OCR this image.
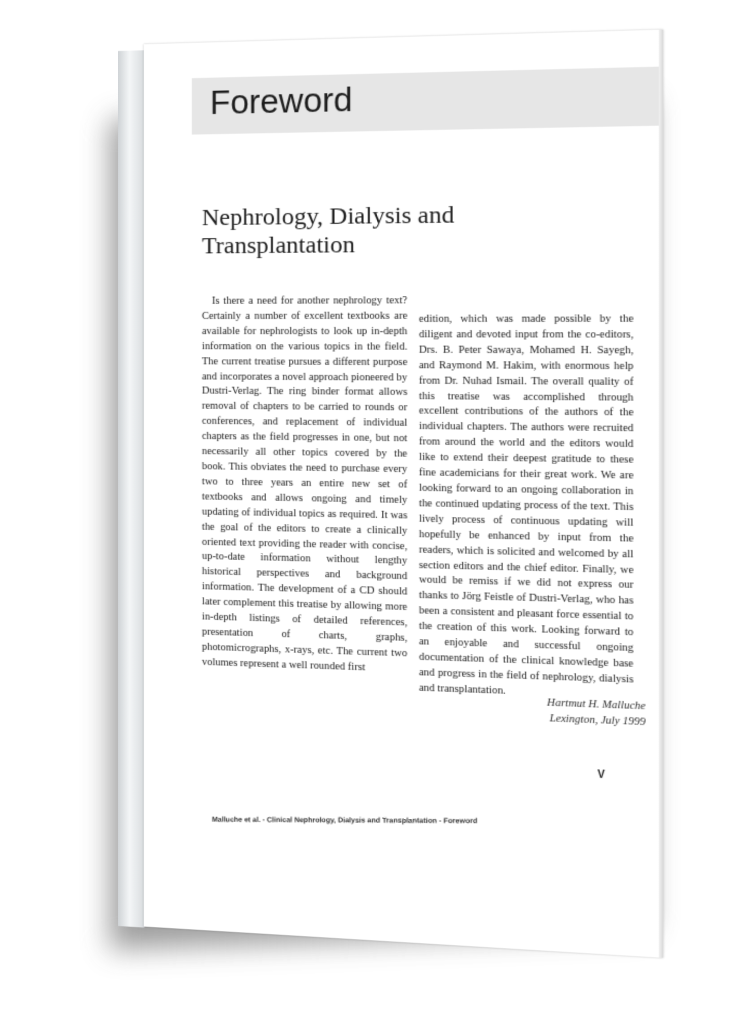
Foreword
Nephrology, Dialysis and Transplantation

Is there a need for another nephrology text? Certainly a number of excellent textbooks are available for nephrologists to look up in-depth information on the various topics in the field. The current treatise pursues a different purpose and incorporates a novel approach pioneered by Dustri-Verlag. The ring binder format allows removal of chapters to be carried to rounds or conferences, and replacement of individual chapters as the field progresses in one, but not necessarily all other topics covered by the book. This obviates the need to purchase every two to three years an entire new set of textbooks and allows ongoing and timely updating of individual topics as required. It was the goal of the editors to create a clinically oriented text providing the reader with concise, up-to-date information without lengthy historical perspectives and background information. The development of a CD should later complement this treatise by allowing more in-depth listings of detailed references, presentation of charts, graphs, photomicrographs, x-rays, etc. The current two volumes represent a well rounded first

edition, which was made possible by the diligent and devoted input from the co-editors, Drs. B. Peter Sawaya, Mohamed H. Sayegh, and Raymond M. Hakim, with enormous help from Dr. Nuhad Ismail. The overall quality of this treatise was accomplished through excellent contributions of the authors of the individual chapters. The authors were recruited from around the world and the editors would like to extend their deepest gratitude to these fine academicians for their great work. We are looking forward to an ongoing collaboration in the continued updating process of the text. This lively process of continuous updating will hopefully be enhanced by input from the readers, which is solicited and welcomed by all section editors and the chief editor. Finally, we would be remiss if we did not express our thanks to Jörg Feistle of Dustri-Verlag, who has been a consistent and pleasant force essential to the creation of this work. Looking forward to an enjoyable and successful ongoing documentation of the clinical knowledge base and progress in the field of nephrology, dialysis and transplantation.

Hartmut H. Malluche
Lexington, July 1999
V
Malluche et al. - Clinical Nephrology, Dialysis and Transplantation - Foreword
